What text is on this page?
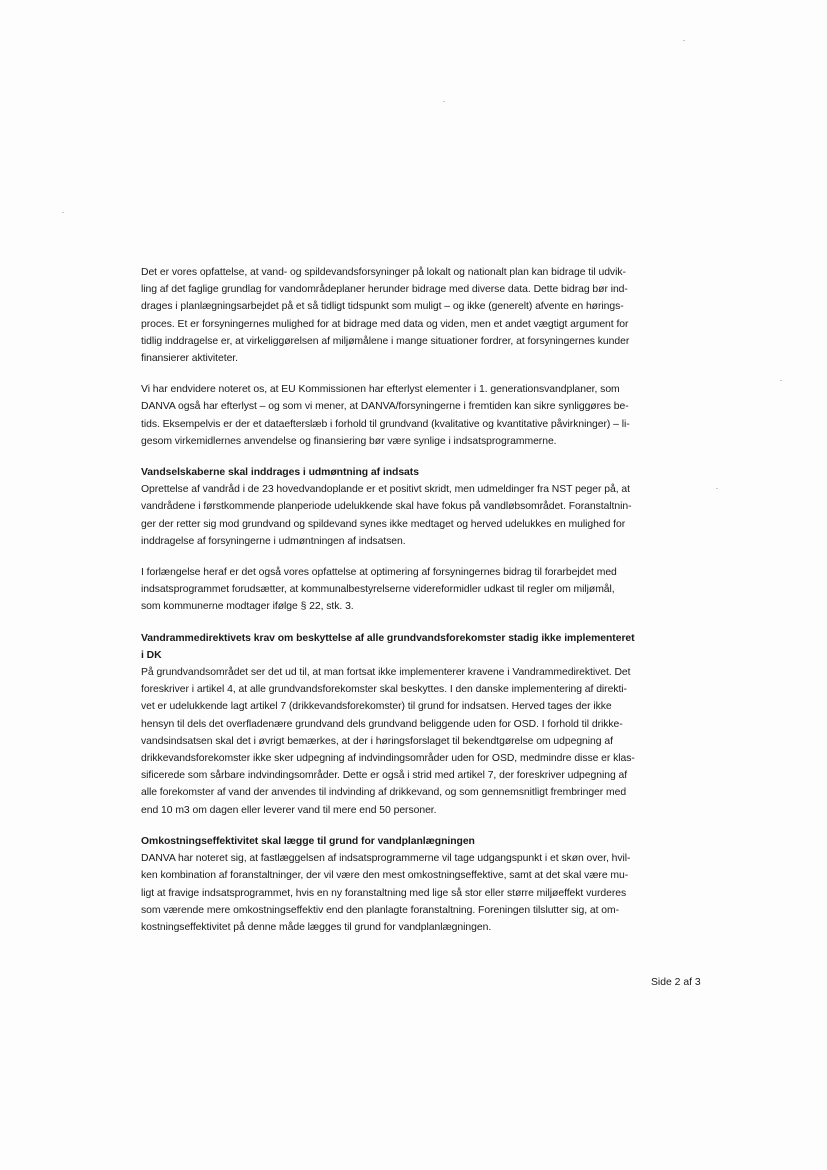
Det er vores opfattelse, at vand- og spildevandsforsyninger på lokalt og nationalt plan kan bidrage til udvik-
ling af det faglige grundlag for vandområdeplaner herunder bidrage med diverse data. Dette bidrag bør ind-
drages i planlægningsarbejdet på et så tidligt tidspunkt som muligt – og ikke (generelt) afvente en hørings-
proces. Et er forsyningernes mulighed for at bidrage med data og viden, men et andet vægtigt argument for
tidlig inddragelse er, at virkeliggørelsen af miljømålene i mange situationer fordrer, at forsyningernes kunder
finansierer aktiviteter.

Vi har endvidere noteret os, at EU Kommissionen har efterlyst elementer i 1. generationsvandplaner, som
DANVA også har efterlyst – og som vi mener, at DANVA/forsyningerne i fremtiden kan sikre synliggøres be-
tids. Eksempelvis er der et dataefterslæb i forhold til grundvand (kvalitative og kvantitative påvirkninger) – li-
gesom virkemidlernes anvendelse og finansiering bør være synlige i indsatsprogrammerne.

Vandselskaberne skal inddrages i udmøntning af indsats

Oprettelse af vandråd i de 23 hovedvandoplande er et positivt skridt, men udmeldinger fra NST peger på, at
vandrådene i førstkommende planperiode udelukkende skal have fokus på vandløbsområdet. Foranstaltnin-
ger der retter sig mod grundvand og spildevand synes ikke medtaget og herved udelukkes en mulighed for
inddragelse af forsyningerne i udmøntningen af indsatsen.

I forlængelse heraf er det også vores opfattelse at optimering af forsyningernes bidrag til forarbejdet med
indsatsprogrammet forudsætter, at kommunalbestyrelserne videreformidler udkast til regler om miljømål,
som kommunerne modtager ifølge § 22, stk. 3.

Vandrammedirektivets krav om beskyttelse af alle grundvandsforekomster stadig ikke implementeret
i DK

På grundvandsområdet ser det ud til, at man fortsat ikke implementerer kravene i Vandrammedirektivet. Det
foreskriver i artikel 4, at alle grundvandsforekomster skal beskyttes. I den danske implementering af direkti-
vet er udelukkende lagt artikel 7 (drikkevandsforekomster) til grund for indsatsen. Herved tages der ikke
hensyn til dels det overfladenære grundvand dels grundvand beliggende uden for OSD. I forhold til drikke-
vandsindsatsen skal det i øvrigt bemærkes, at der i høringsforslaget til bekendtgørelse om udpegning af
drikkevandsforekomster ikke sker udpegning af indvindingsområder uden for OSD, medmindre disse er klas-
sificerede som sårbare indvindingsområder. Dette er også i strid med artikel 7, der foreskriver udpegning af
alle forekomster af vand der anvendes til indvinding af drikkevand, og som gennemsnitligt frembringer med
end 10 m3 om dagen eller leverer vand til mere end 50 personer.

Omkostningseffektivitet skal lægge til grund for vandplanlægningen

DANVA har noteret sig, at fastlæggelsen af indsatsprogrammerne vil tage udgangspunkt i et skøn over, hvil-
ken kombination af foranstaltninger, der vil være den mest omkostningseffektive, samt at det skal være mu-
ligt at fravige indsatsprogrammet, hvis en ny foranstaltning med lige så stor eller større miljøeffekt vurderes
som værende mere omkostningseffektiv end den planlagte foranstaltning. Foreningen tilslutter sig, at om-
kostningseffektivitet på denne måde lægges til grund for vandplanlægningen.

Side 2 af 3
